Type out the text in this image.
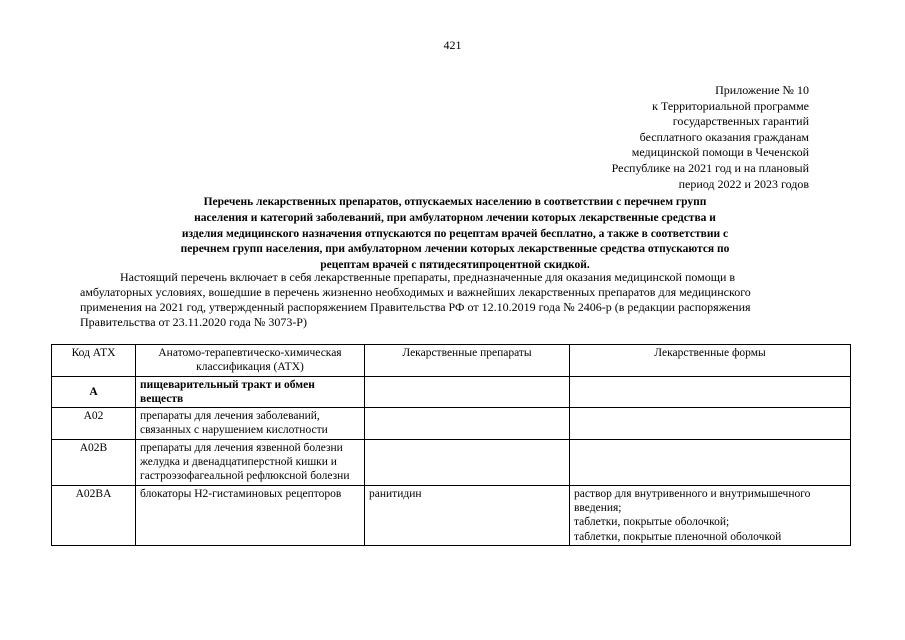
421
Приложение № 10
к Территориальной программе
государственных гарантий
бесплатного оказания гражданам
медицинской помощи в Чеченской
Республике на 2021 год и на плановый
период 2022 и 2023 годов
Перечень лекарственных препаратов, отпускаемых населению в соответствии с перечнем групп
населения и категорий заболеваний, при амбулаторном лечении которых лекарственные средства и
изделия медицинского назначения отпускаются по рецептам врачей бесплатно, а также в соответствии с
перечнем групп населения, при амбулаторном лечении которых лекарственные средства отпускаются по
рецептам врачей с пятидесятипроцентной скидкой.
Настоящий перечень включает в себя лекарственные препараты, предназначенные для оказания медицинской помощи в
амбулаторных условиях, вошедшие в перечень жизненно необходимых и важнейших лекарственных препаратов для медицинского
применения на 2021 год, утвержденный распоряжением Правительства РФ от 12.10.2019 года № 2406-р (в редакции распоряжения
Правительства от 23.11.2020 года № 3073-Р)
Код АТХ	Анатомо-терапевтическо-химическая классификация (АТХ)	Лекарственные препараты	Лекарственные формы
А	пищеварительный тракт и обмен веществ		
A02	препараты для лечения заболеваний, связанных с нарушением кислотности		
A02B	препараты для лечения язвенной болезни желудка и двенадцатиперстной кишки и гастроэзофагеальной рефлюксной болезни		
A02BA	блокаторы H2-гистаминовых рецепторов	ранитидин	раствор для внутривенного и внутримышечного введения;
таблетки, покрытые оболочкой;
таблетки, покрытые пленочной оболочкой
